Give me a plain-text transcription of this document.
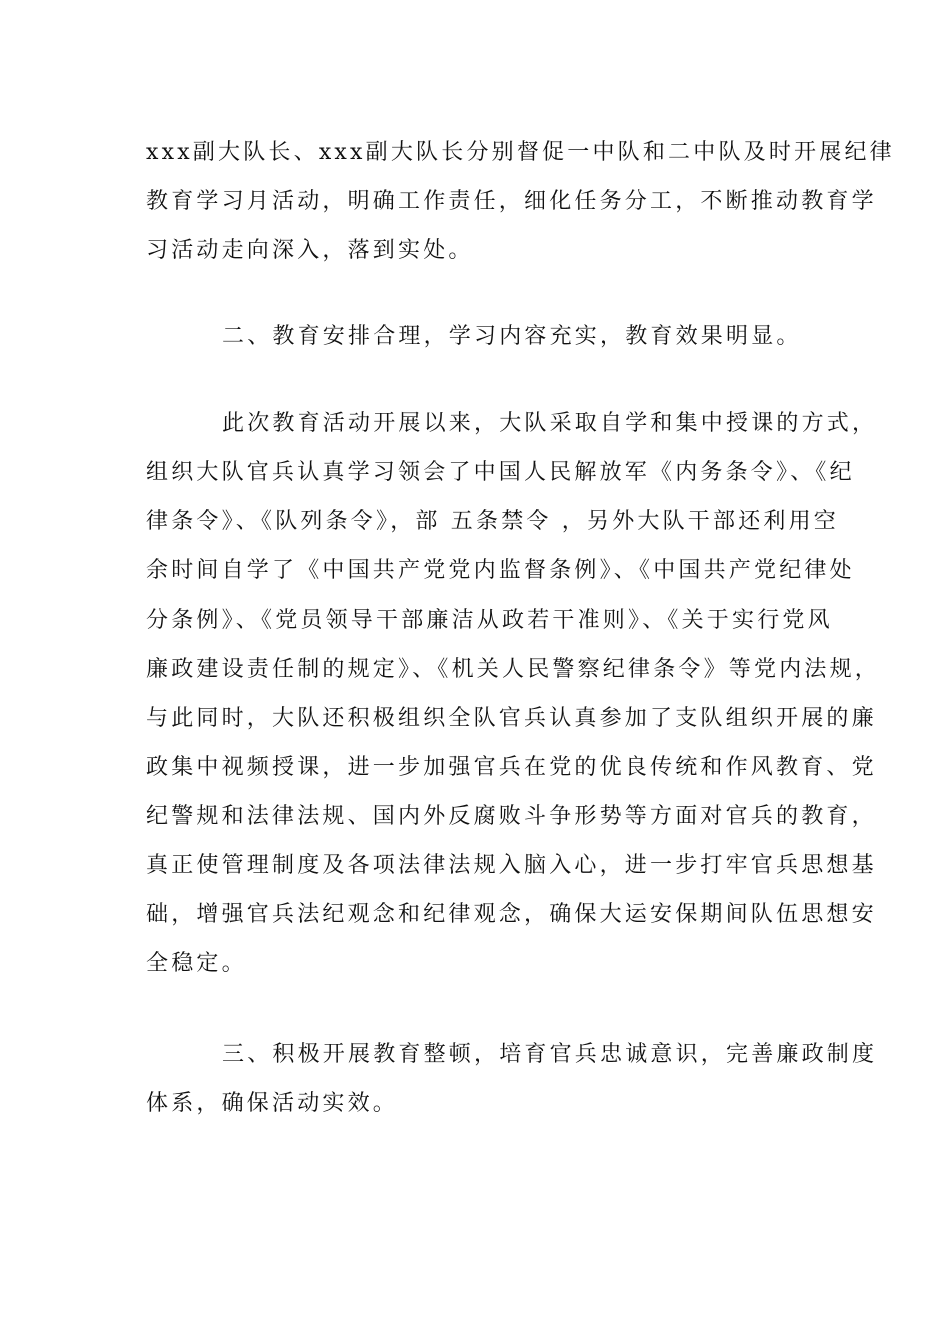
xxx副大队长、xxx副大队长分别督促一中队和二中队及时开展纪律
教育学习月活动，明确工作责任，细化任务分工，不断推动教育学
习活动走向深入，落到实处。
二、教育安排合理，学习内容充实，教育效果明显。
此次教育活动开展以来，大队采取自学和集中授课的方式，
组织大队官兵认真学习领会了中国人民解放军《内务条令》、《纪
律条令》、《队列条令》，部 五条禁令 ，另外大队干部还利用空
余时间自学了《中国共产党党内监督条例》、《中国共产党纪律处
分条例》、《党员领导干部廉洁从政若干准则》、《关于实行党风
廉政建设责任制的规定》、《机关人民警察纪律条令》等党内法规，
与此同时，大队还积极组织全队官兵认真参加了支队组织开展的廉
政集中视频授课，进一步加强官兵在党的优良传统和作风教育、党
纪警规和法律法规、国内外反腐败斗争形势等方面对官兵的教育，
真正使管理制度及各项法律法规入脑入心，进一步打牢官兵思想基
础，增强官兵法纪观念和纪律观念，确保大运安保期间队伍思想安
全稳定。
三、积极开展教育整顿，培育官兵忠诚意识，完善廉政制度
体系，确保活动实效。
